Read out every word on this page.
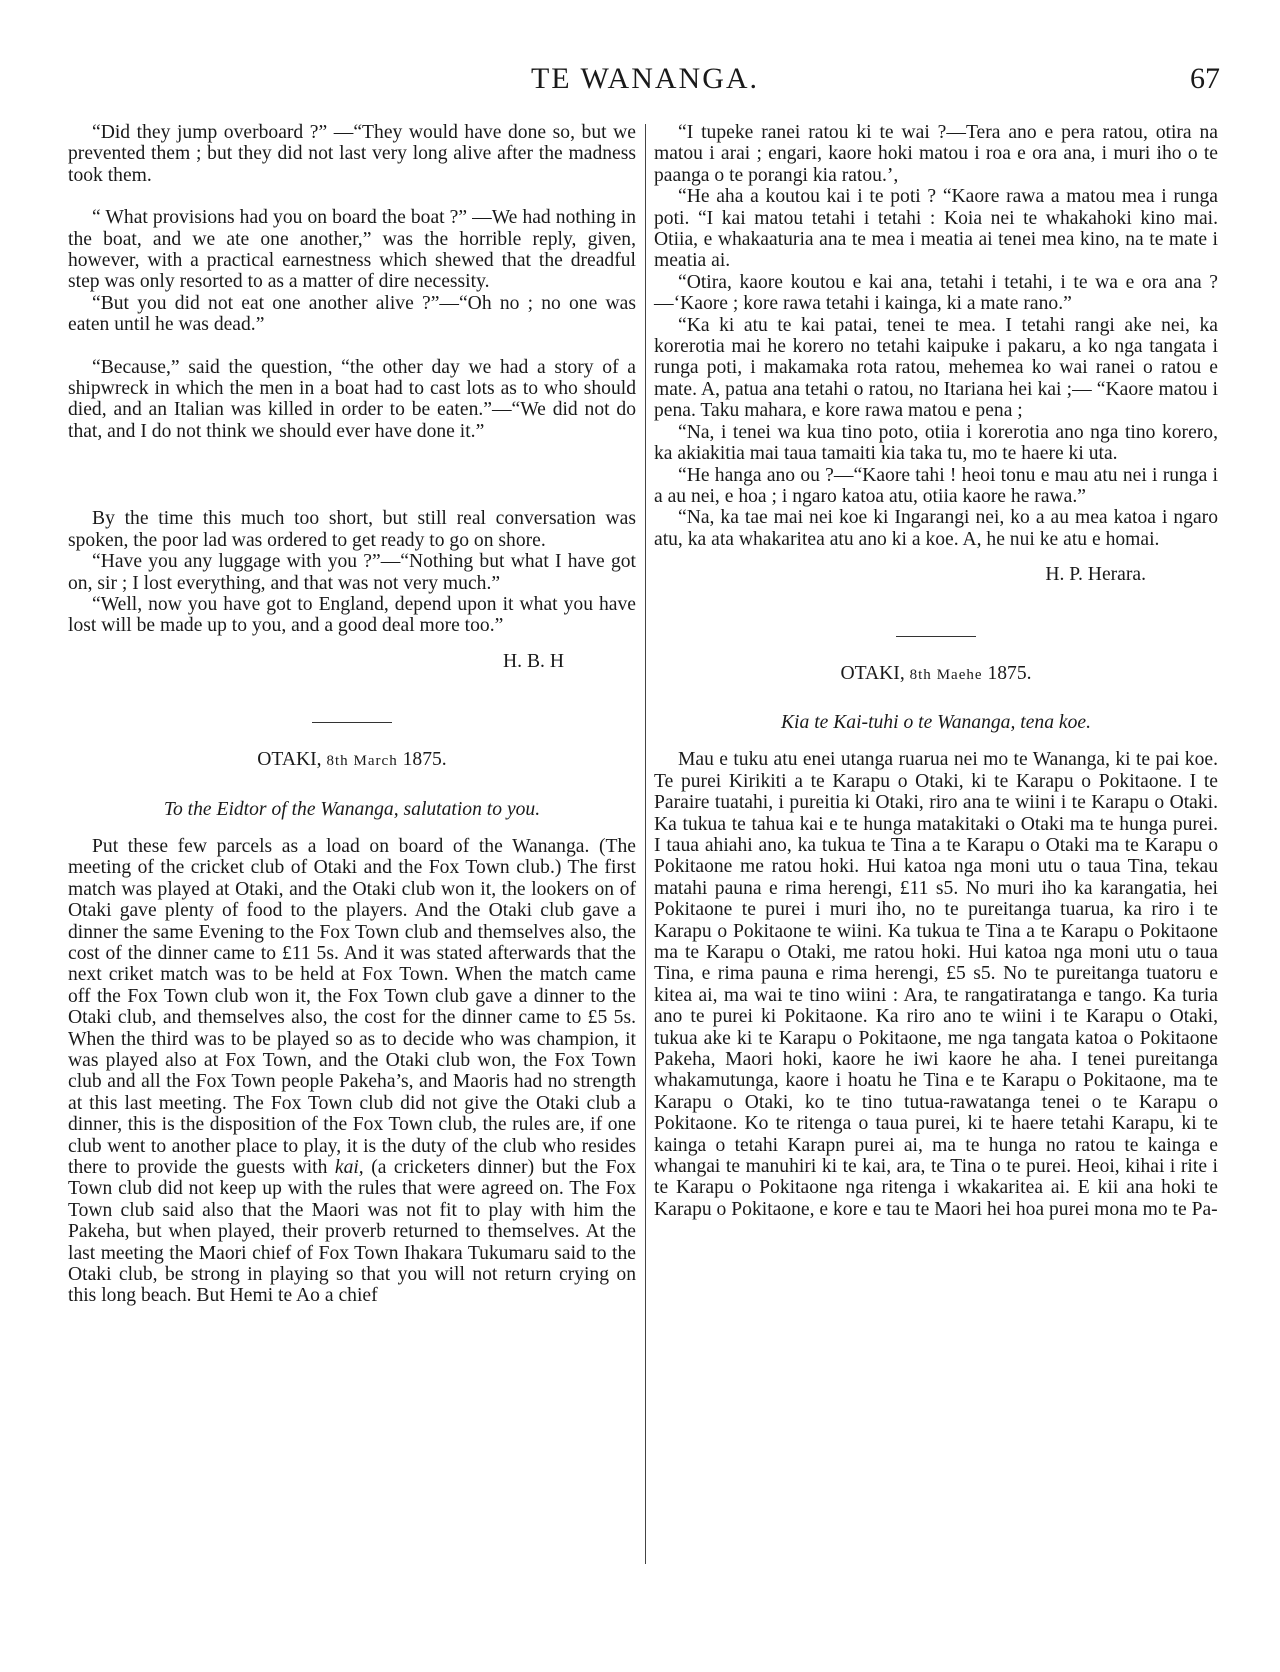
TE WANANGA.	67

“Did they jump overboard ?” —“They would have done so, but we prevented them ; but they did not last very long alive after the madness took them.

“ What provisions had you on board the boat ?” —We had nothing in the boat, and we ate one another,” was the horrible reply, given, however, with a practical earnestness which shewed that the dreadful step was only resorted to as a matter of dire necessity.

“But you did not eat one another alive ?”—“Oh no ; no one was eaten until he was dead.”

“Because,” said the question, “the other day we had a story of a shipwreck in which the men in a boat had to cast lots as to who should died, and an Italian was killed in order to be eaten.”—“We did not do that, and I do not think we should ever have done it.”

By the time this much too short, but still real conversation was spoken, the poor lad was ordered to get ready to go on shore.

“Have you any luggage with you ?”—“Nothing but what I have got on, sir ; I lost everything, and that was not very much.”

“Well, now you have got to England, depend upon it what you have lost will be made up to you, and a good deal more too.”

H. B. H
OTAKI, 8th March 1875.
To the Eidtor of the Wananga, salutation to you.

Put these few parcels as a load on board of the Wananga. (The meeting of the cricket club of Otaki and the Fox Town club.) The first match was played at Otaki, and the Otaki club won it, the lookers on of Otaki gave plenty of food to the players. And the Otaki club gave a dinner the same Evening to the Fox Town club and themselves also, the cost of the dinner came to £11 5s. And it was stated afterwards that the next criket match was to be held at Fox Town. When the match came off the Fox Town club won it, the Fox Town club gave a dinner to the Otaki club, and themselves also, the cost for the dinner came to £5 5s. When the third was to be played so as to decide who was champion, it was played also at Fox Town, and the Otaki club won, the Fox Town club and all the Fox Town people Pakeha’s, and Maoris had no strength at this last meeting. The Fox Town club did not give the Otaki club a dinner, this is the disposition of the Fox Town club, the rules are, if one club went to another place to play, it is the duty of the club who resides there to provide the guests with kai, (a cricketers dinner) but the Fox Town club did not keep up with the rules that were agreed on. The Fox Town club said also that the Maori was not fit to play with him the Pakeha, but when played, their proverb returned to themselves. At the last meeting the Maori chief of Fox Town Ihakara Tukumaru said to the Otaki club, be strong in playing so that you will not return crying on this long beach. But Hemi te Ao a chief

“I tupeke ranei ratou ki te wai ?—Tera ano e pera ratou, otira na matou i arai ; engari, kaore hoki matou i roa e ora ana, i muri iho o te paanga o te porangi kia ratou.’,

“He aha a koutou kai i te poti ? “Kaore rawa a matou mea i runga poti. “I kai matou tetahi i tetahi : Koia nei te whakahoki kino mai. Otiia, e whakaaturia ana te mea i meatia ai tenei mea kino, na te mate i meatia ai.

“Otira, kaore koutou e kai ana, tetahi i tetahi, i te wa e ora ana ?—‘Kaore ; kore rawa tetahi i kainga, ki a mate rano.”

“Ka ki atu te kai patai, tenei te mea. I tetahi rangi ake nei, ka korerotia mai he korero no tetahi kaipuke i pakaru, a ko nga tangata i runga poti, i makamaka rota ratou, mehemea ko wai ranei o ratou e mate. A, patua ana tetahi o ratou, no Itariana hei kai ;— “Kaore matou i pena. Taku mahara, e kore rawa matou e pena ;

“Na, i tenei wa kua tino poto, otiia i korerotia ano nga tino korero, ka akiakitia mai taua tamaiti kia taka tu, mo te haere ki uta.

“He hanga ano ou ?—“Kaore tahi ! heoi tonu e mau atu nei i runga i a au nei, e hoa ; i ngaro katoa atu, otiia kaore he rawa.”

“Na, ka tae mai nei koe ki Ingarangi nei, ko a au mea katoa i ngaro atu, ka ata whakaritea atu ano ki a koe. A, he nui ke atu e homai.

H. P. Herara.
OTAKI, 8th Maehe 1875.
Kia te Kai-tuhi o te Wananga, tena koe.

Mau e tuku atu enei utanga ruarua nei mo te Wananga, ki te pai koe. Te purei Kirikiti a te Karapu o Otaki, ki te Karapu o Pokitaone. I te Paraire tuatahi, i pureitia ki Otaki, riro ana te wiini i te Karapu o Otaki. Ka tukua te tahua kai e te hunga matakitaki o Otaki ma te hunga purei. I taua ahiahi ano, ka tukua te Tina a te Karapu o Otaki ma te Karapu o Pokitaone me ratou hoki. Hui katoa nga moni utu o taua Tina, tekau matahi pauna e rima herengi, £11 s5. No muri iho ka karangatia, hei Pokitaone te purei i muri iho, no te pureitanga tuarua, ka riro i te Karapu o Pokitaone te wiini. Ka tukua te Tina a te Karapu o Pokitaone ma te Karapu o Otaki, me ratou hoki. Hui katoa nga moni utu o taua Tina, e rima pauna e rima herengi, £5 s5. No te pureitanga tuatoru e kitea ai, ma wai te tino wiini : Ara, te rangatiratanga e tango. Ka turia ano te purei ki Pokitaone. Ka riro ano te wiini i te Karapu o Otaki, tukua ake ki te Karapu o Pokitaone, me nga tangata katoa o Pokitaone Pakeha, Maori hoki, kaore he iwi kaore he aha. I tenei pureitanga whakamutunga, kaore i hoatu he Tina e te Karapu o Pokitaone, ma te Karapu o Otaki, ko te tino tutua-rawatanga tenei o te Karapu o Pokitaone. Ko te ritenga o taua purei, ki te haere tetahi Karapu, ki te kainga o tetahi Karapn purei ai, ma te hunga no ratou te kainga e whangai te manuhiri ki te kai, ara, te Tina o te purei. Heoi, kihai i rite i te Karapu o Pokitaone nga ritenga i wkakaritea ai. E kii ana hoki te Karapu o Pokitaone, e kore e tau te Maori hei hoa purei mona mo te Pa-
